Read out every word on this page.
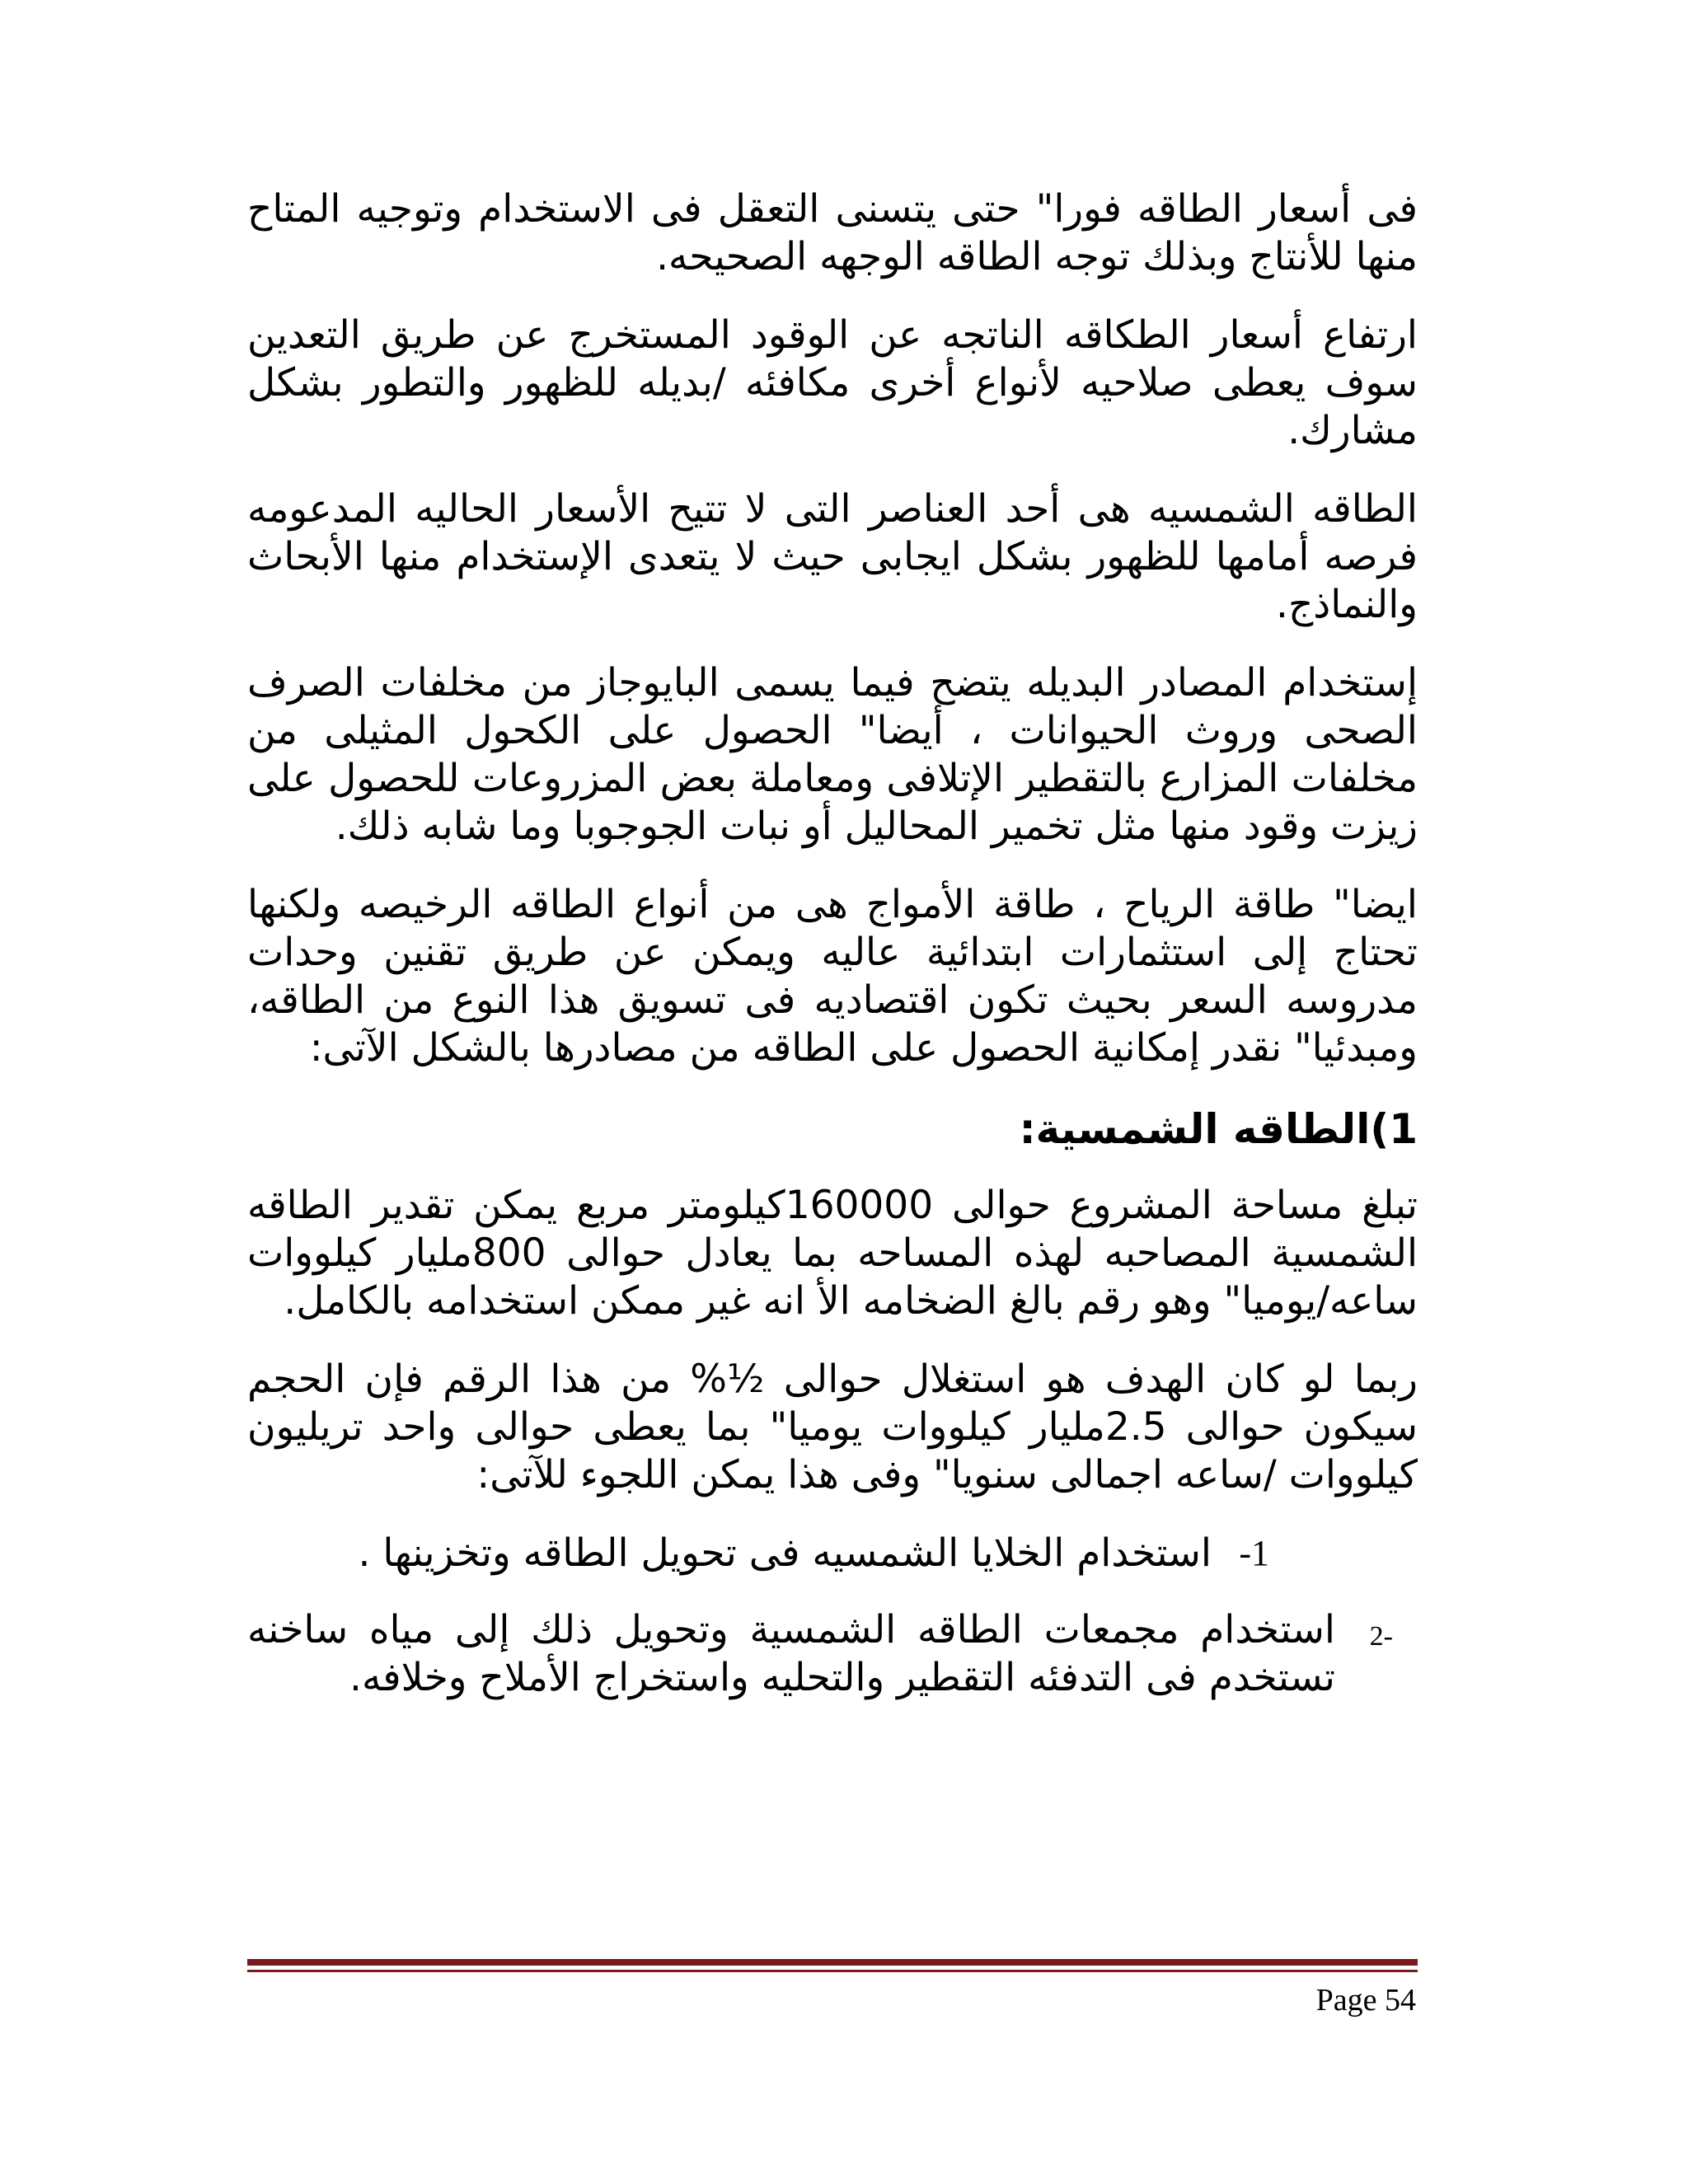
فى أسعار الطاقه فورا" حتى يتسنى التعقل فى الاستخدام وتوجيه المتاح منها للأنتاج وبذلك توجه الطاقه الوجهه الصحيحه.

ارتفاع أسعار الطكاقه الناتجه عن الوقود المستخرج عن طريق التعدين سوف يعطى صلاحيه لأنواع أخرى مكافئه /بديله للظهور والتطور بشكل مشارك.

الطاقه الشمسيه هى أحد العناصر التى لا تتيح الأسعار الحاليه المدعومه فرصه أمامها للظهور بشكل ايجابى حيث لا يتعدى الإستخدام منها الأبحاث والنماذج.

إستخدام المصادر البديله يتضح فيما يسمى البايوجاز من مخلفات الصرف الصحى وروث الحيوانات ، أيضا" الحصول على الكحول المثيلى من مخلفات المزارع بالتقطير الإتلافى ومعاملة بعض المزروعات للحصول على زيزت وقود منها مثل تخمير المحاليل أو نبات الجوجوبا وما شابه ذلك.

ايضا" طاقة الرياح ، طاقة الأمواج هى من أنواع الطاقه الرخيصه ولكنها تحتاج إلى استثمارات ابتدائية عاليه ويمكن عن طريق تقنين وحدات مدروسه السعر بحيث تكون اقتصاديه فى تسويق هذا النوع من الطاقه، ومبدئيا" نقدر إمكانية الحصول على الطاقه من مصادرها بالشكل الآتى:

1)الطاقه الشمسية:

تبلغ مساحة المشروع حوالى 160000كيلومتر مربع يمكن تقدير الطاقه الشمسية المصاحبه لهذه المساحه بما يعادل حوالى 800مليار كيلووات ساعه/يوميا" وهو رقم بالغ الضخامه الأ انه غير ممكن استخدامه بالكامل.

ربما لو كان الهدف هو استغلال حوالى ½% من هذا الرقم فإن الحجم سيكون حوالى 2.5مليار كيلووات يوميا" بما يعطى حوالى واحد تريليون كيلووات /ساعه اجمالى سنويا" وفى هذا يمكن اللجوء للآتى:

1-
استخدام الخلايا الشمسيه فى تحويل الطاقه وتخزينها .
-2
استخدام مجمعات الطاقه الشمسية وتحويل ذلك إلى مياه ساخنه تستخدم فى التدفئه التقطير والتحليه واستخراج الأملاح وخلافه.
Page 54
